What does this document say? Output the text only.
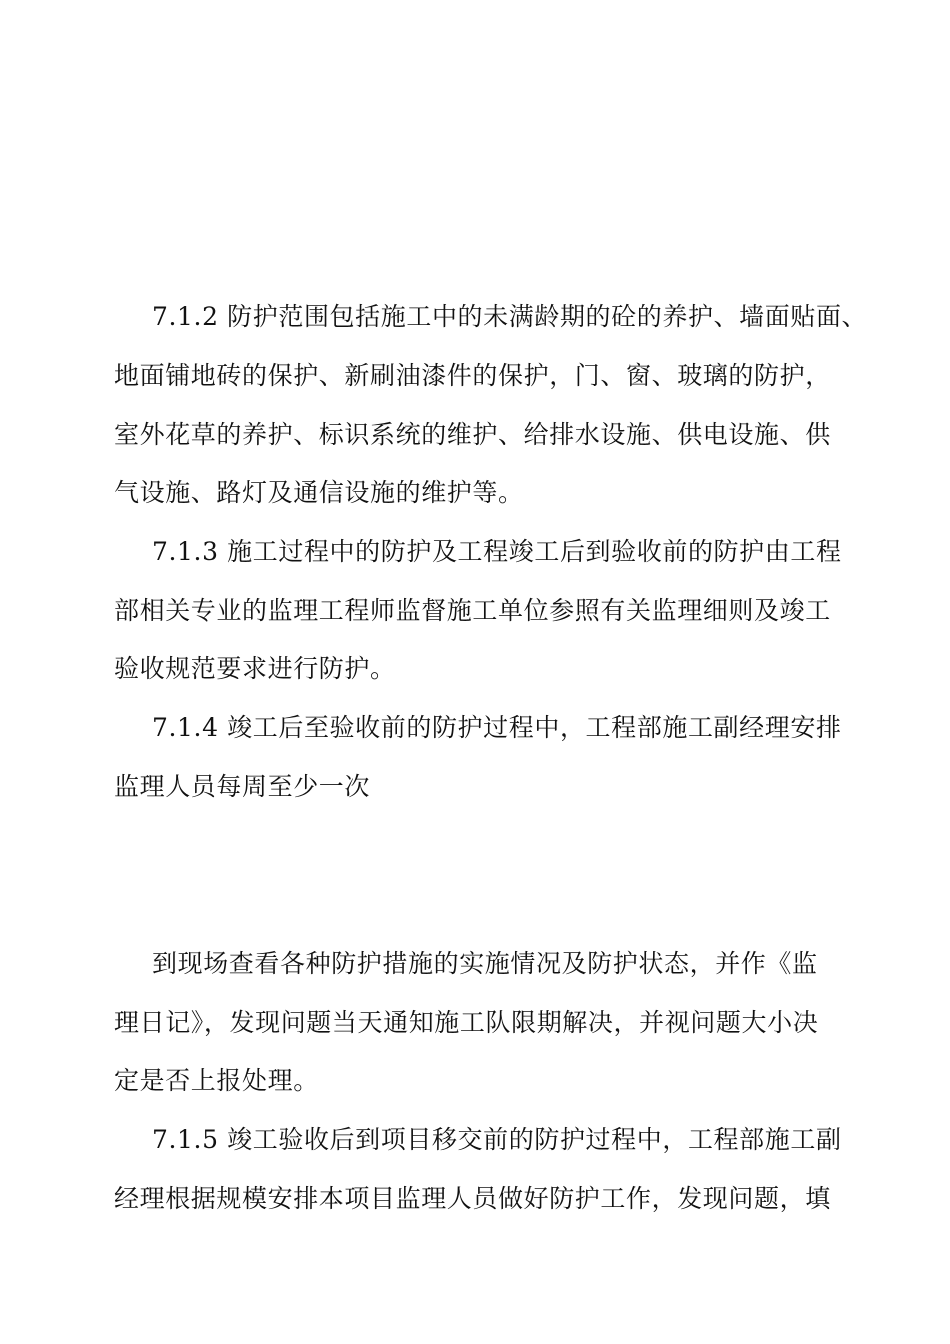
7.1.2 防护范围包括施工中的未满龄期的砼的养护、墙面贴面、
地面铺地砖的保护、新刷油漆件的保护，门、窗、玻璃的防护，
室外花草的养护、标识系统的维护、给排水设施、供电设施、供
气设施、路灯及通信设施的维护等。
7.1.3 施工过程中的防护及工程竣工后到验收前的防护由工程
部相关专业的监理工程师监督施工单位参照有关监理细则及竣工
验收规范要求进行防护。
7.1.4 竣工后至验收前的防护过程中，工程部施工副经理安排
监理人员每周至少一次
到现场查看各种防护措施的实施情况及防护状态，并作《监
理日记》，发现问题当天通知施工队限期解决，并视问题大小决
定是否上报处理。
7.1.5 竣工验收后到项目移交前的防护过程中，工程部施工副
经理根据规模安排本项目监理人员做好防护工作，发现问题，填
